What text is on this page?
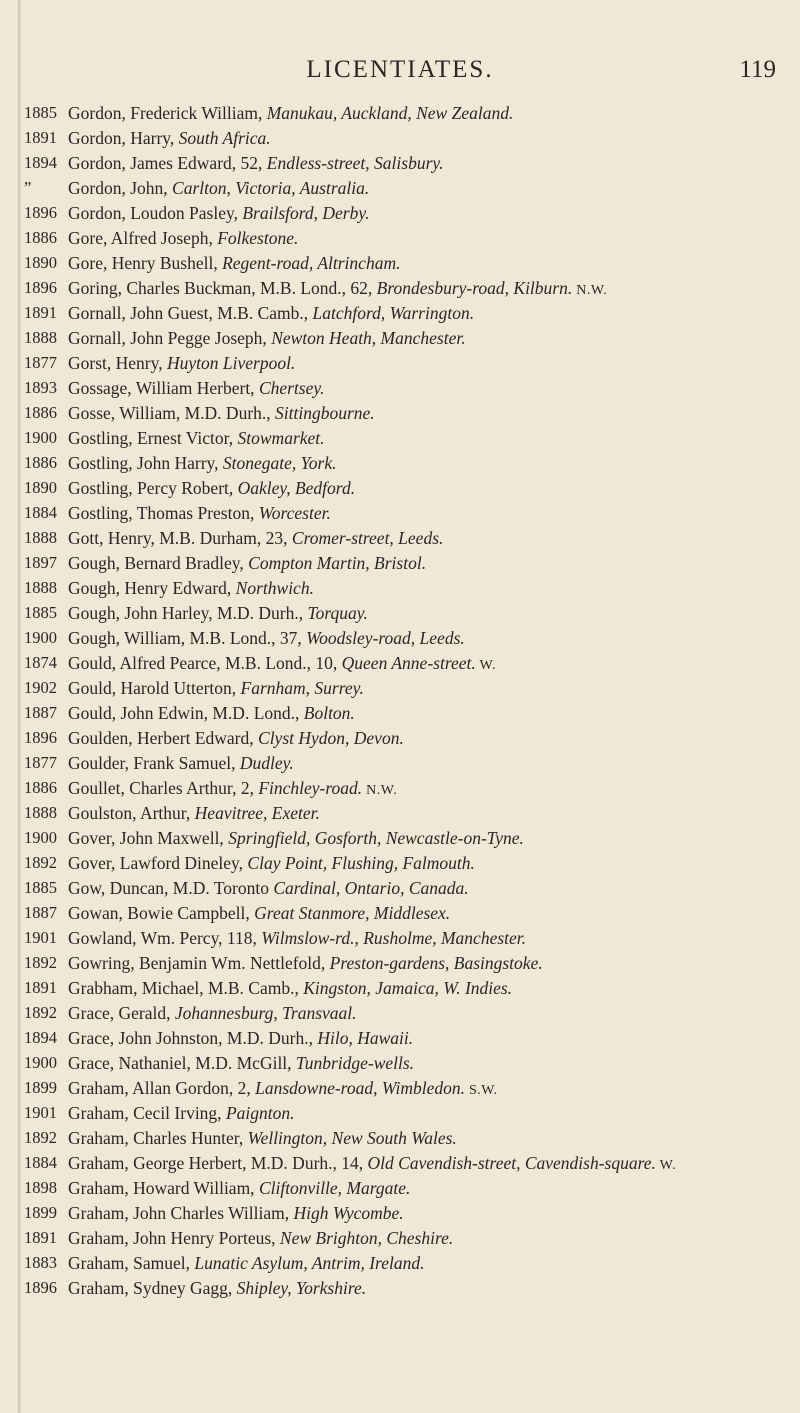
LICENTIATES.	119
1885 Gordon, Frederick William, Manukau, Auckland, New Zealand.
1891 Gordon, Harry, South Africa.
1894 Gordon, James Edward, 52, Endless-street, Salisbury.
”	Gordon, John, Carlton, Victoria, Australia.
1896 Gordon, Loudon Pasley, Brailsford, Derby.
1886 Gore, Alfred Joseph, Folkestone.
1890 Gore, Henry Bushell, Regent-road, Altrincham.
1896 Goring, Charles Buckman, M.B. Lond., 62, Brondesbury-road, Kilburn. N.W.
1891 Gornall, John Guest, M.B. Camb., Latchford, Warrington.
1888 Gornall, John Pegge Joseph, Newton Heath, Manchester.
1877 Gorst, Henry, Huyton Liverpool.
1893 Gossage, William Herbert, Chertsey.
1886 Gosse, William, M.D. Durh., Sittingbourne.
1900 Gostling, Ernest Victor, Stowmarket.
1886 Gostling, John Harry, Stonegate, York.
1890 Gostling, Percy Robert, Oakley, Bedford.
1884 Gostling, Thomas Preston, Worcester.
1888 Gott, Henry, M.B. Durham, 23, Cromer-street, Leeds.
1897 Gough, Bernard Bradley, Compton Martin, Bristol.
1888 Gough, Henry Edward, Northwich.
1885 Gough, John Harley, M.D. Durh., Torquay.
1900 Gough, William, M.B. Lond., 37, Woodsley-road, Leeds.
1874 Gould, Alfred Pearce, M.B. Lond., 10, Queen Anne-street. W.
1902 Gould, Harold Utterton, Farnham, Surrey.
1887 Gould, John Edwin, M.D. Lond., Bolton.
1896 Goulden, Herbert Edward, Clyst Hydon, Devon.
1877 Goulder, Frank Samuel, Dudley.
1886 Goullet, Charles Arthur, 2, Finchley-road. N.W.
1888 Goulston, Arthur, Heavitree, Exeter.
1900 Gover, John Maxwell, Springfield, Gosforth, Newcastle-on-Tyne.
1892 Gover, Lawford Dineley, Clay Point, Flushing, Falmouth.
1885 Gow, Duncan, M.D. Toronto Cardinal, Ontario, Canada.
1887 Gowan, Bowie Campbell, Great Stanmore, Middlesex.
1901 Gowland, Wm. Percy, 118, Wilmslow-rd., Rusholme, Manchester.
1892 Gowring, Benjamin Wm. Nettlefold, Preston-gardens, Basingstoke.
1891 Grabham, Michael, M.B. Camb., Kingston, Jamaica, W. Indies.
1892 Grace, Gerald, Johannesburg, Transvaal.
1894 Grace, John Johnston, M.D. Durh., Hilo, Hawaii.
1900 Grace, Nathaniel, M.D. McGill, Tunbridge-wells.
1899 Graham, Allan Gordon, 2, Lansdowne-road, Wimbledon. S.W.
1901 Graham, Cecil Irving, Paignton.
1892 Graham, Charles Hunter, Wellington, New South Wales.
1884 Graham, George Herbert, M.D. Durh., 14, Old Cavendish-street, Cavendish-square. W.
1898 Graham, Howard William, Cliftonville, Margate.
1899 Graham, John Charles William, High Wycombe.
1891 Graham, John Henry Porteus, New Brighton, Cheshire.
1883 Graham, Samuel, Lunatic Asylum, Antrim, Ireland.
1896 Graham, Sydney Gagg, Shipley, Yorkshire.
